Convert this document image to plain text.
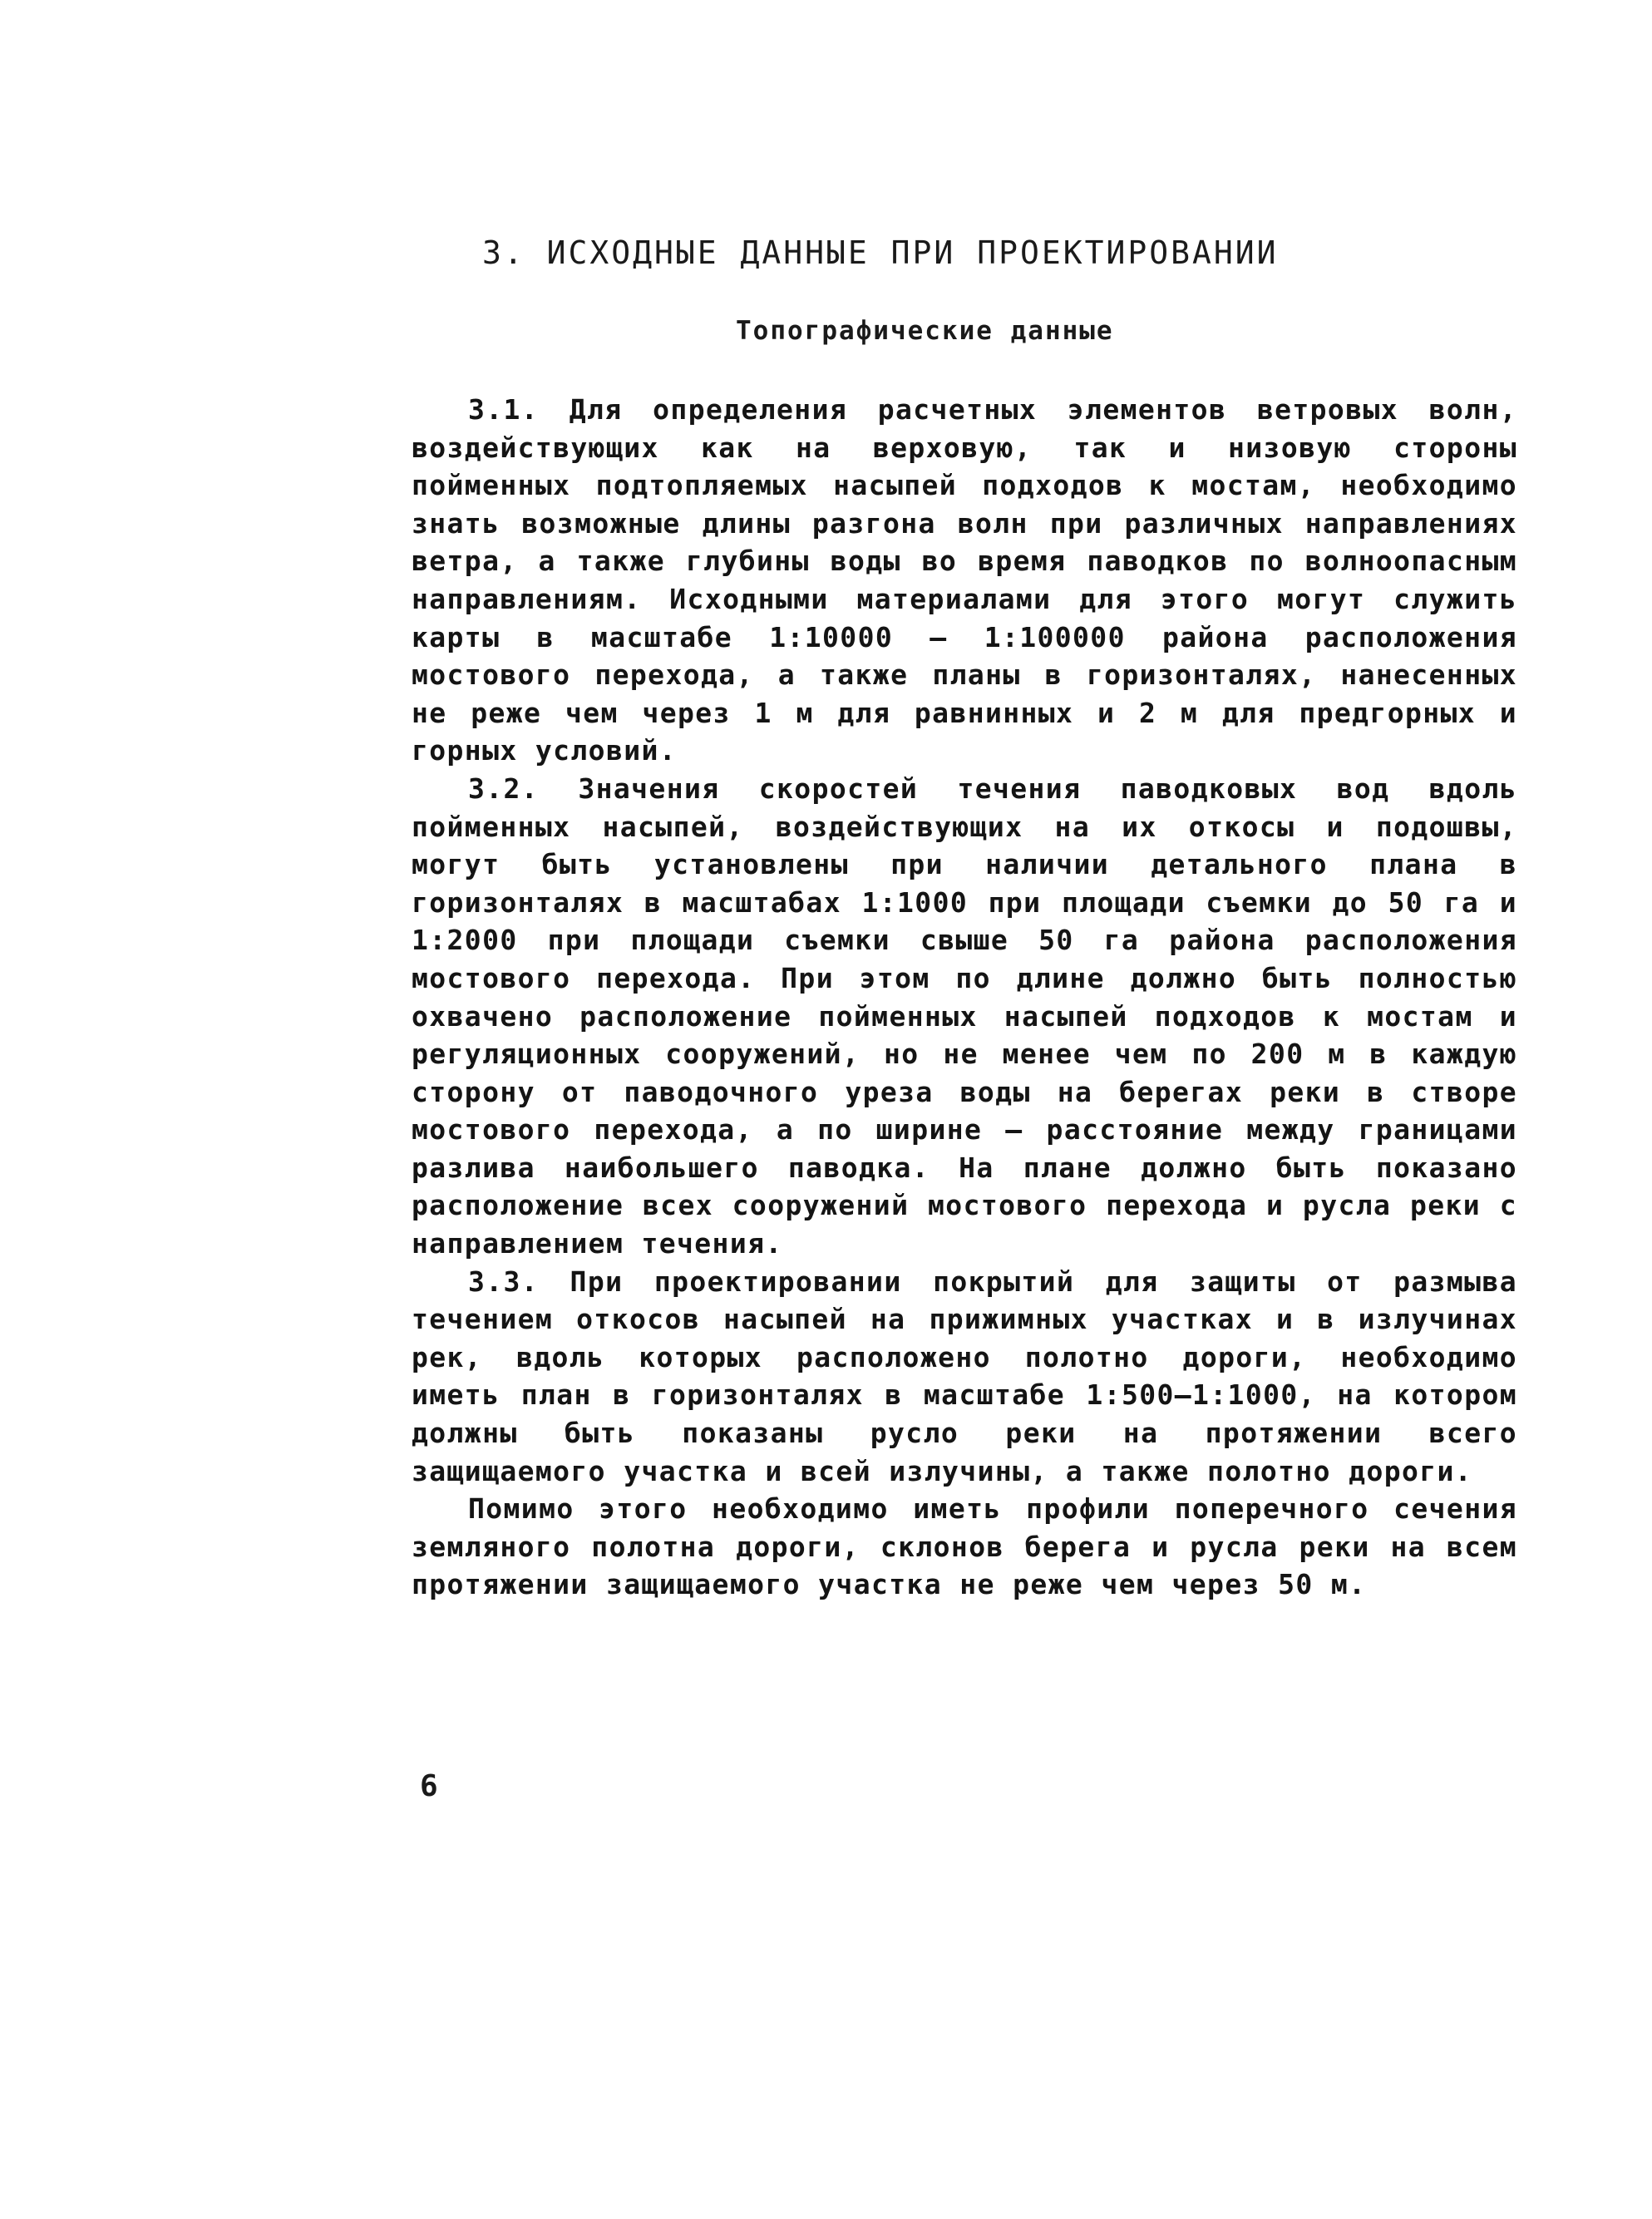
3. ИСХОДНЫЕ ДАННЫЕ ПРИ ПРОЕКТИРОВАНИИ
Топографические данные

3.1. Для определения расчетных элементов ветровых волн, воздействующих как на верховую, так и низовую стороны пойменных подтопляемых насыпей подходов к мостам, необходимо знать возможные длины разгона волн при различных направлениях ветра, а также глубины воды во время паводков по волноопасным направлениям. Исходными материалами для этого могут служить карты в масштабе 1:10000 – 1:100000 района расположения мостового перехода, а также планы в горизонталях, нанесенных не реже чем через 1 м для равнинных и 2 м для предгорных и горных условий.

3.2. Значения скоростей течения паводковых вод вдоль пойменных насыпей, воздействующих на их откосы и подошвы, могут быть установлены при наличии детального плана в горизонталях в масштабах 1:1000 при площади съемки до 50 га и 1:2000 при площади съемки свыше 50 га района расположения мостового перехода. При этом по длине должно быть полностью охвачено расположение пойменных насыпей подходов к мостам и регуляционных сооружений, но не менее чем по 200 м в каждую сторону от паводочного уреза воды на берегах реки в створе мостового перехода, а по ширине – расстояние между границами разлива наибольшего паводка. На плане должно быть показано расположение всех сооружений мостового перехода и русла реки с направлением течения.

3.3. При проектировании покрытий для защиты от размыва течением откосов насыпей на прижимных участках и в излучинах рек, вдоль которых расположено полотно дороги, необходимо иметь план в горизонталях в масштабе 1:500–1:1000, на котором должны быть показаны русло реки на протяжении всего защищаемого участка и всей излучины, а также полотно дороги.

Помимо этого необходимо иметь профили поперечного сечения земляного полотна дороги, склонов берега и русла реки на всем протяжении защищаемого участка не реже чем через 50 м.

6
